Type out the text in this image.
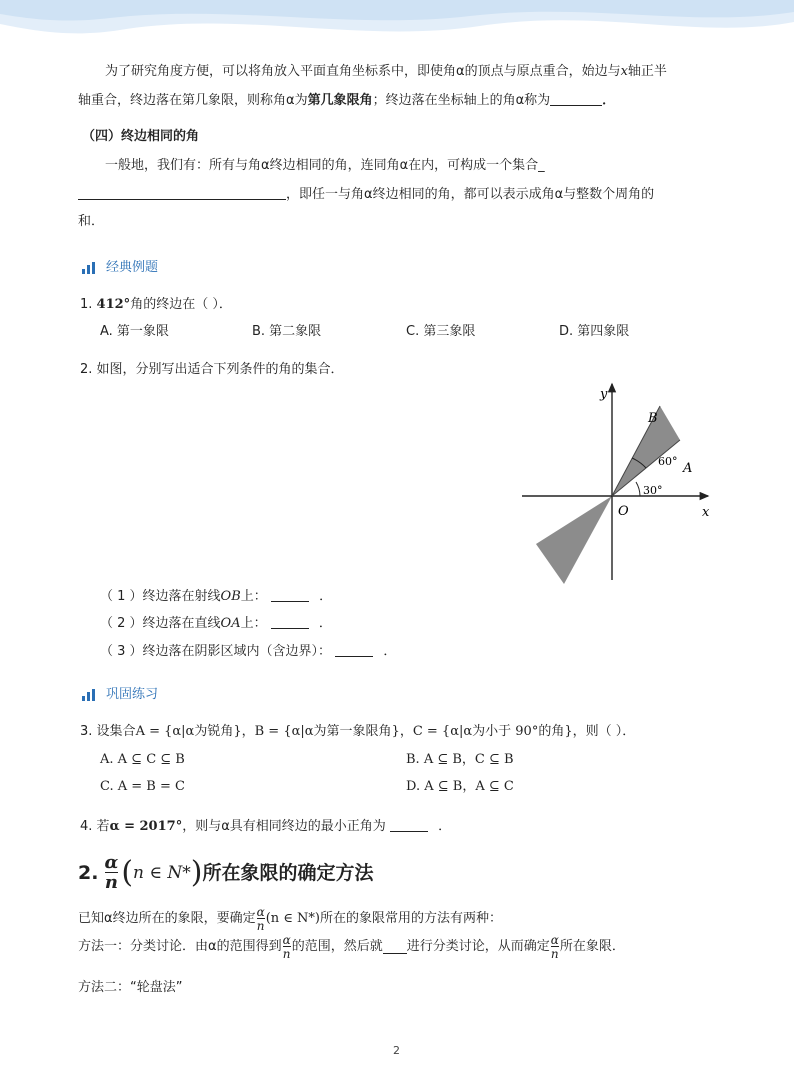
为了研究角度方便，可以将角放入平面直角坐标系中，即使角α的顶点与原点重合，始边与x轴正半
轴重合，终边落在第几象限，则称角α为第几象限角；终边落在坐标轴上的角α称为	．
（四）终边相同的角
一般地，我们有：所有与角α终边相同的角，连同角α在内，可构成一个集合_
，即任一与角α终边相同的角，都可以表示成角α与整数个周角的
和．
经典例题
1. 412°角的终边在（ ）．
A. 第一象限	B. 第二象限	C. 第三象限	D. 第四象限
2. 如图，分别写出适合下列条件的角的集合．
y
x
O
A
B
60°
30°
（ 1 ）终边落在射线OB上：	．
（ 2 ）终边落在直线OA上：	．
（ 3 ）终边落在阴影区域内（含边界）：	．
巩固练习
3. 设集合A = {α|α为锐角}，B = {α|α为第一象限角}，C = {α|α为小于 90°的角}，则（ ）．
A. A ⊆ C ⊆ B	B. A ⊆ B，C ⊆ B
C. A = B = C	D. A ⊆ B，A ⊆ C
4. 若α = 2017°，则与α具有相同终边的最小正角为	．
2. $\frac{\alpha}{n}$ ( n ∈ N* ) 所在象限的确定方法
已知α终边所在的象限，要确定 $\frac{\alpha}{n} (n$ ∈ N*) 所在的象限常用的方法有两种：
方法一：分类讨论．由α的范围得到 $\frac{\alpha}{n}$ 的范围，然后就 进行分类讨论，从而确定 $\frac{\alpha}{n}$ 所在象限．
方法二：“轮盘法”
2
